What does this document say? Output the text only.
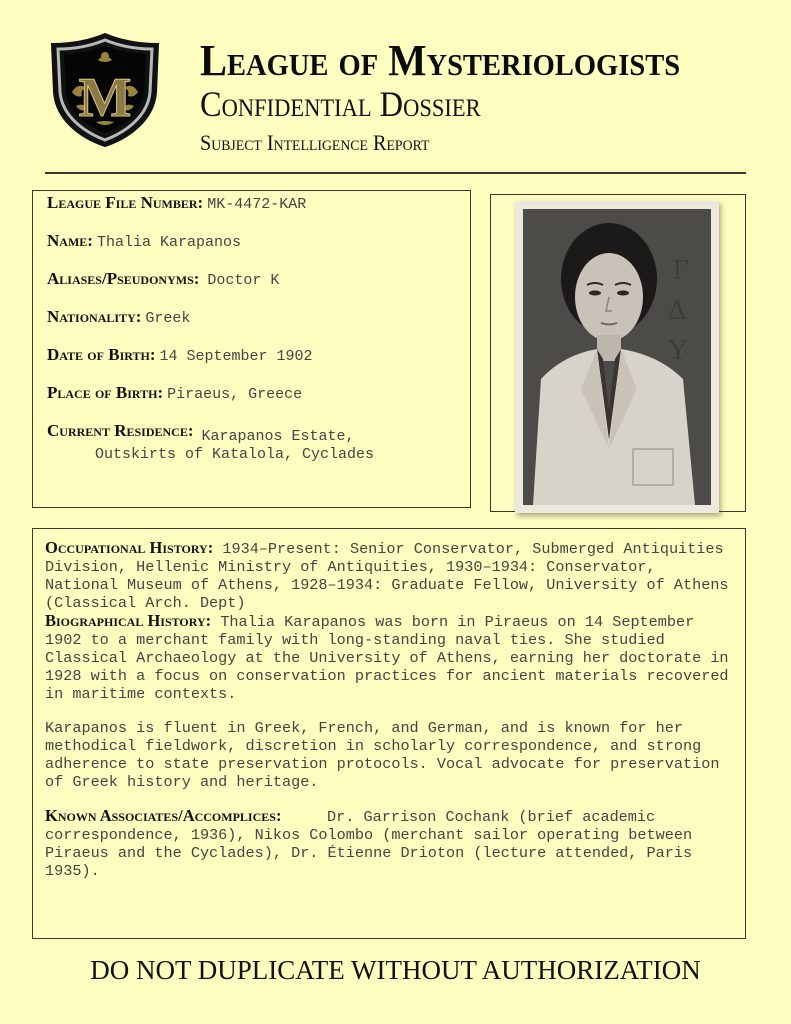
M
League of Mysteriologists
Confidential Dossier
Subject Intelligence Report
League File Number: MK-4472-KAR
Name: Thalia Karapanos
Aliases/Pseudonyms: Doctor K
Nationality: Greek
Date of Birth: 14 September 1902
Place of Birth: Piraeus, Greece
Current Residence: Karapanos Estate,
Outskirts of Katalola, Cyclades
Γ
Δ
Y

Occupational History: 1934–Present: Senior Conservator, Submerged Antiquities Division, Hellenic Ministry of Antiquities, 1930–1934: Conservator, National Museum of Athens, 1928–1934: Graduate Fellow, University of Athens (Classical Arch. Dept)

Biographical History: Thalia Karapanos was born in Piraeus on 14 September 1902 to a merchant family with long-standing naval ties. She studied Classical Archaeology at the University of Athens, earning her doctorate in 1928 with a focus on conservation practices for ancient materials recovered in maritime contexts.

Karapanos is fluent in Greek, French, and German, and is known for her methodical fieldwork, discretion in scholarly correspondence, and strong adherence to state preservation protocols. Vocal advocate for preservation of Greek history and heritage.

Known Associates/Accomplices:	Dr. Garrison Cochank (brief academic correspondence, 1936), Nikos Colombo (merchant sailor operating between Piraeus and the Cyclades), Dr. Étienne Drioton (lecture attended, Paris 1935).

DO NOT DUPLICATE WITHOUT AUTHORIZATION
